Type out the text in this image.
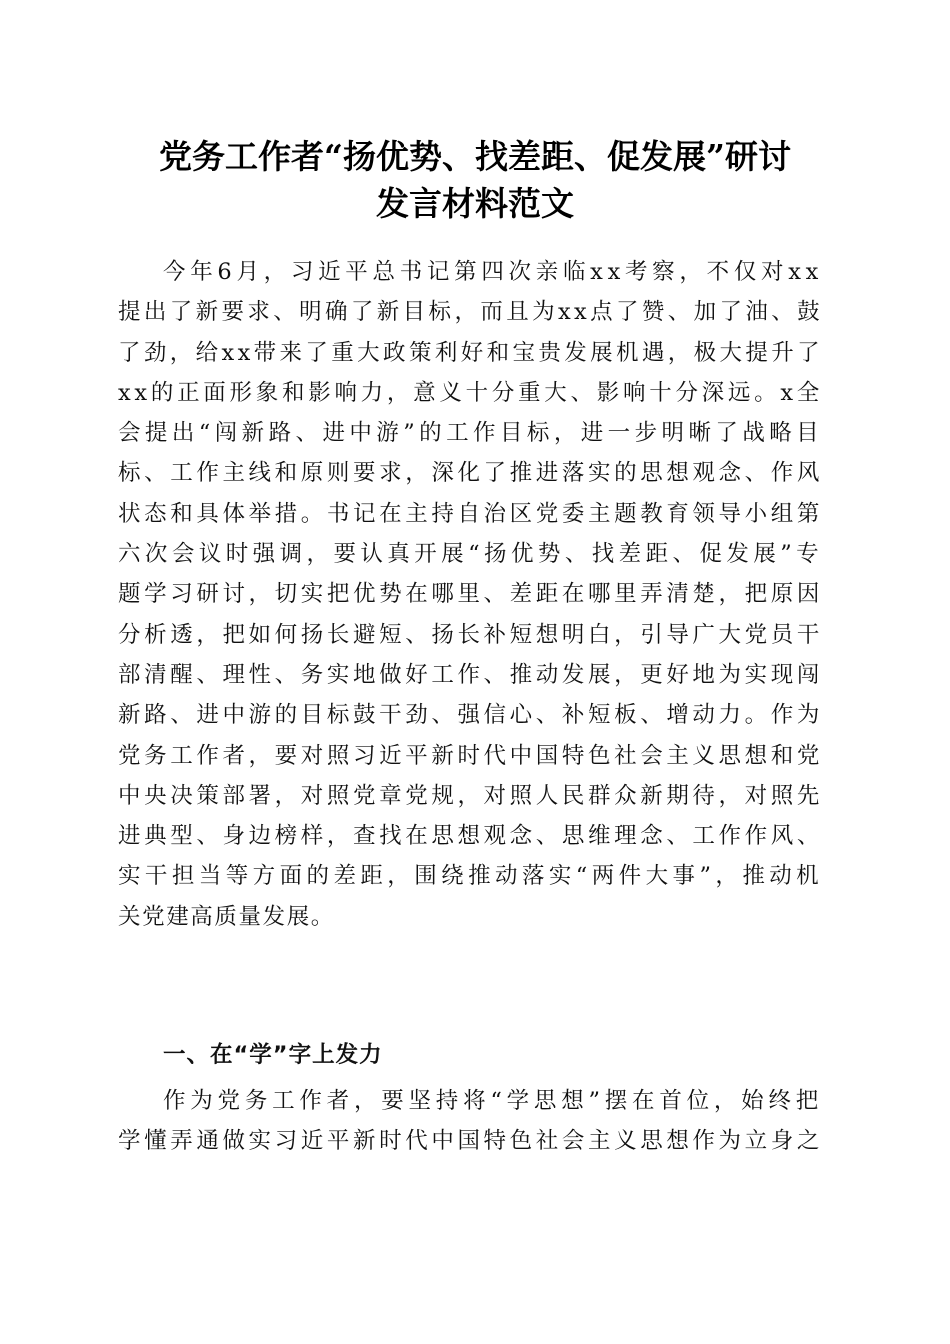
党务工作者“扬优势、找差距、促发展”研讨
发言材料范文
今年6月，习近平总书记第四次亲临xx考察，不仅对xx
提出了新要求、明确了新目标，而且为xx点了赞、加了油、鼓
了劲，给xx带来了重大政策利好和宝贵发展机遇，极大提升了
xx的正面形象和影响力，意义十分重大、影响十分深远。x全
会提出“闯新路、进中游”的工作目标，进一步明晰了战略目
标、工作主线和原则要求，深化了推进落实的思想观念、作风
状态和具体举措。书记在主持自治区党委主题教育领导小组第
六次会议时强调，要认真开展“扬优势、找差距、促发展”专
题学习研讨，切实把优势在哪里、差距在哪里弄清楚，把原因
分析透，把如何扬长避短、扬长补短想明白，引导广大党员干
部清醒、理性、务实地做好工作、推动发展，更好地为实现闯
新路、进中游的目标鼓干劲、强信心、补短板、增动力。作为
党务工作者，要对照习近平新时代中国特色社会主义思想和党
中央决策部署，对照党章党规，对照人民群众新期待，对照先
进典型、身边榜样，查找在思想观念、思维理念、工作作风、
实干担当等方面的差距，围绕推动落实“两件大事”，推动机
关党建高质量发展。
一、在“学”字上发力
作为党务工作者，要坚持将“学思想”摆在首位，始终把
学懂弄通做实习近平新时代中国特色社会主义思想作为立身之
